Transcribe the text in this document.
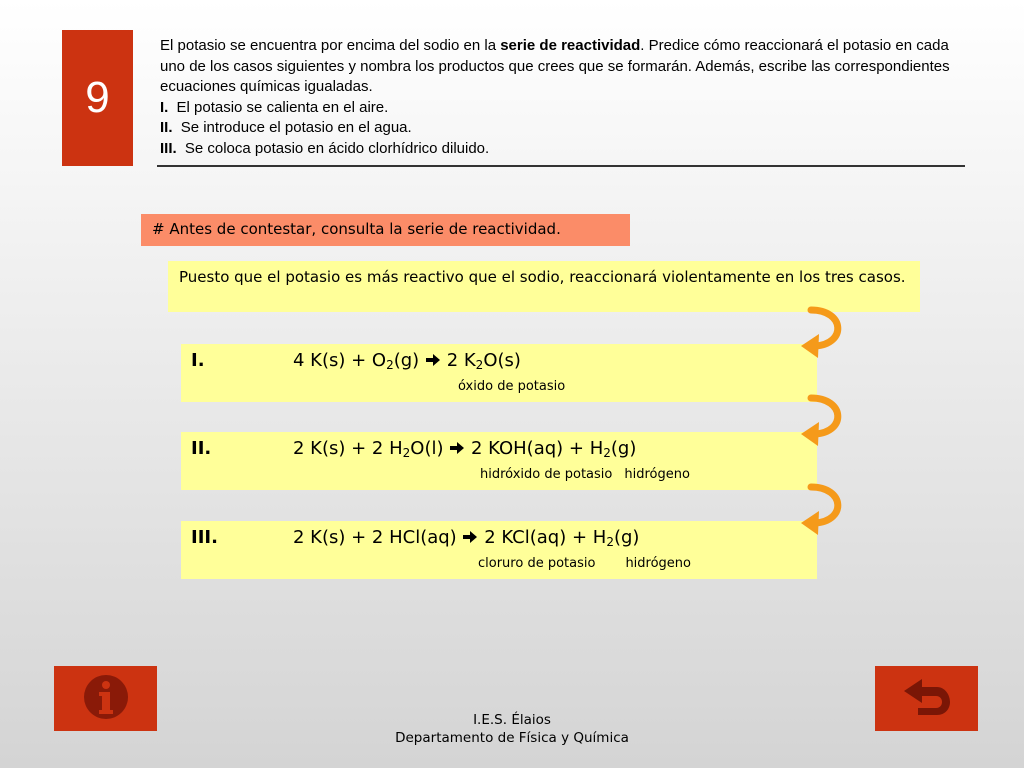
9
El potasio se encuentra por encima del sodio en la serie de reactividad. Predice cómo reaccionará el potasio en cada uno de los casos siguientes y nombra los productos que crees que se formarán. Además, escribe las correspondientes ecuaciones químicas igualadas.
I. El potasio se calienta en el aire.
II. Se introduce el potasio en el agua.
III. Se coloca potasio en ácido clorhídrico diluido.
# Antes de contestar, consulta la serie de reactividad.
Puesto que el potasio es más reactivo que el sodio, reaccionará violentamente en los tres casos.
I.	4 $K(s) + O_2(g)$ 2 $K_2O(s)$
óxido de potasio
II.	2 K(s) + 2 $H_2O(l)$ 2 $KOH(aq) + H_2(g)$
hidróxido de potasio hidrógeno
III.	2 K(s) + 2 HCl(aq) 2 $KCl(aq) + H_2(g)$
cloruro de potasio hidrógeno
I.E.S. Élaios
Departamento de Física y Química
